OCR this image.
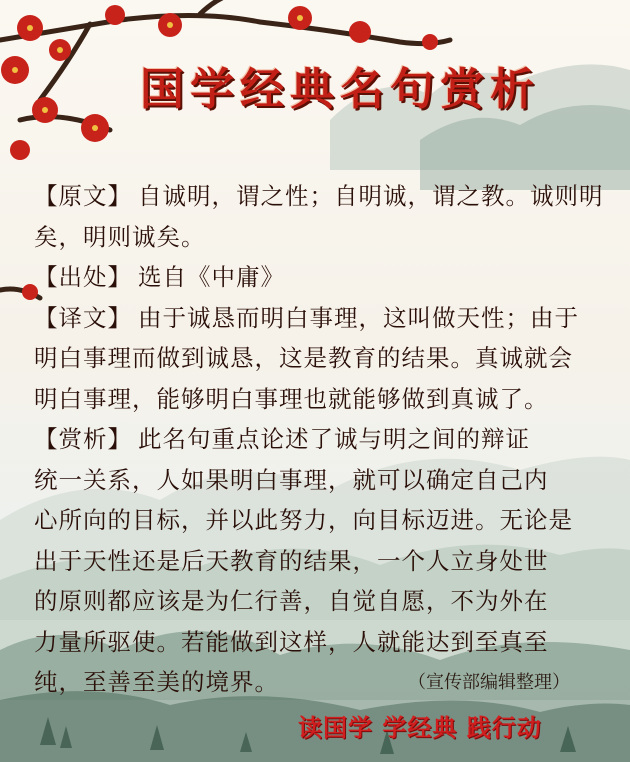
国学经典名句赏析
【原文】 自诚明，谓之性；自明诚，谓之教。诚则明
矣，明则诚矣。
【出处】 选自《中庸》
【译文】 由于诚恳而明白事理，这叫做天性；由于
明白事理而做到诚恳，这是教育的结果。真诚就会
明白事理，能够明白事理也就能够做到真诚了。
【赏析】 此名句重点论述了诚与明之间的辩证
统一关系，人如果明白事理，就可以确定自己内
心所向的目标，并以此努力，向目标迈进。无论是
出于天性还是后天教育的结果，一个人立身处世
的原则都应该是为仁行善，自觉自愿，不为外在
力量所驱使。若能做到这样，人就能达到至真至
纯，至善至美的境界。	（宣传部编辑整理）
读国学 学经典 践行动
